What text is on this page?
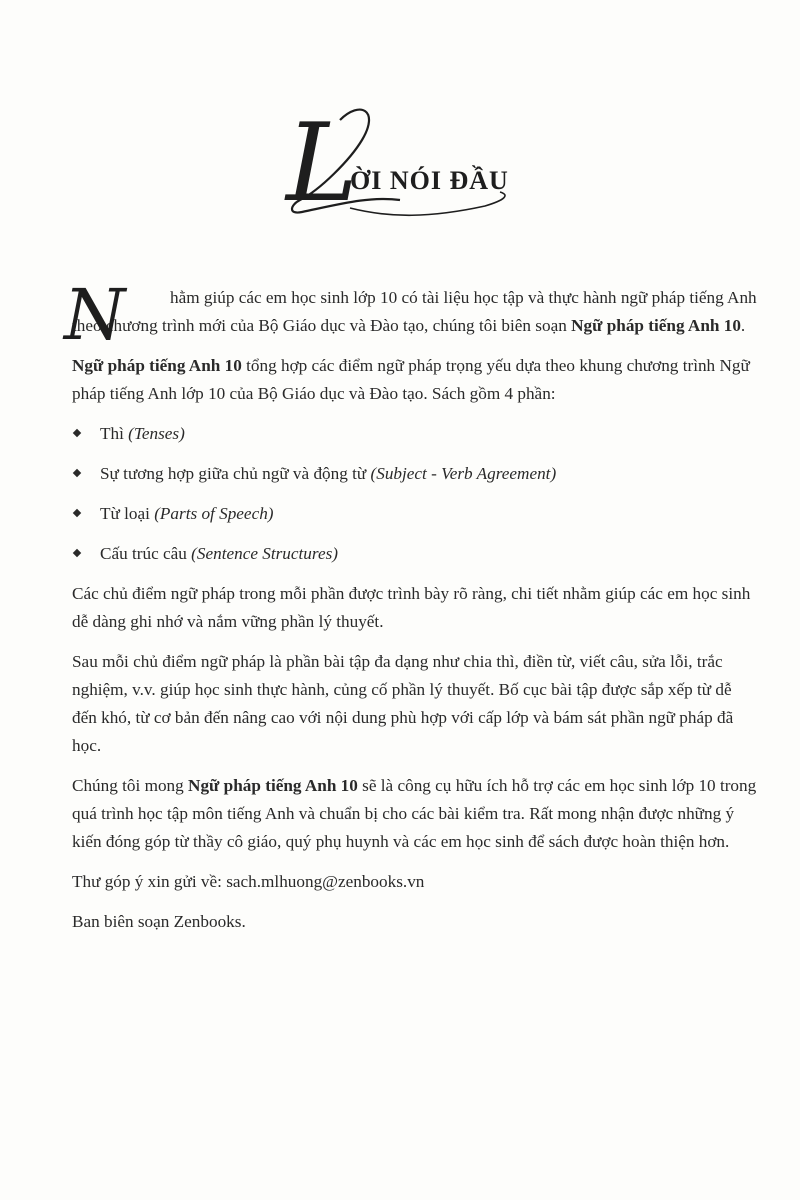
L
ỜI NÓI ĐẦU

N	hằm giúp các em học sinh lớp 10 có tài liệu học tập và thực hành ngữ pháp tiếng Anh theo chương trình mới của Bộ Giáo dục và Đào tạo, chúng tôi biên soạn Ngữ pháp tiếng Anh 10.

Ngữ pháp tiếng Anh 10 tổng hợp các điểm ngữ pháp trọng yếu dựa theo khung chương trình Ngữ pháp tiếng Anh lớp 10 của Bộ Giáo dục và Đào tạo. Sách gồm 4 phần:

Thì (Tenses)
Sự tương hợp giữa chủ ngữ và động từ (Subject - Verb Agreement)
Từ loại (Parts of Speech)
Cấu trúc câu (Sentence Structures)

Các chủ điểm ngữ pháp trong mỗi phần được trình bày rõ ràng, chi tiết nhằm giúp các em học sinh dễ dàng ghi nhớ và nắm vững phần lý thuyết.

Sau mỗi chủ điểm ngữ pháp là phần bài tập đa dạng như chia thì, điền từ, viết câu, sửa lỗi, trắc nghiệm, v.v. giúp học sinh thực hành, củng cố phần lý thuyết. Bố cục bài tập được sắp xếp từ dễ đến khó, từ cơ bản đến nâng cao với nội dung phù hợp với cấp lớp và bám sát phần ngữ pháp đã học.

Chúng tôi mong Ngữ pháp tiếng Anh 10 sẽ là công cụ hữu ích hỗ trợ các em học sinh lớp 10 trong quá trình học tập môn tiếng Anh và chuẩn bị cho các bài kiểm tra. Rất mong nhận được những ý kiến đóng góp từ thầy cô giáo, quý phụ huynh và các em học sinh để sách được hoàn thiện hơn.

Thư góp ý xin gửi về: sach.mlhuong@zenbooks.vn

Ban biên soạn Zenbooks.
